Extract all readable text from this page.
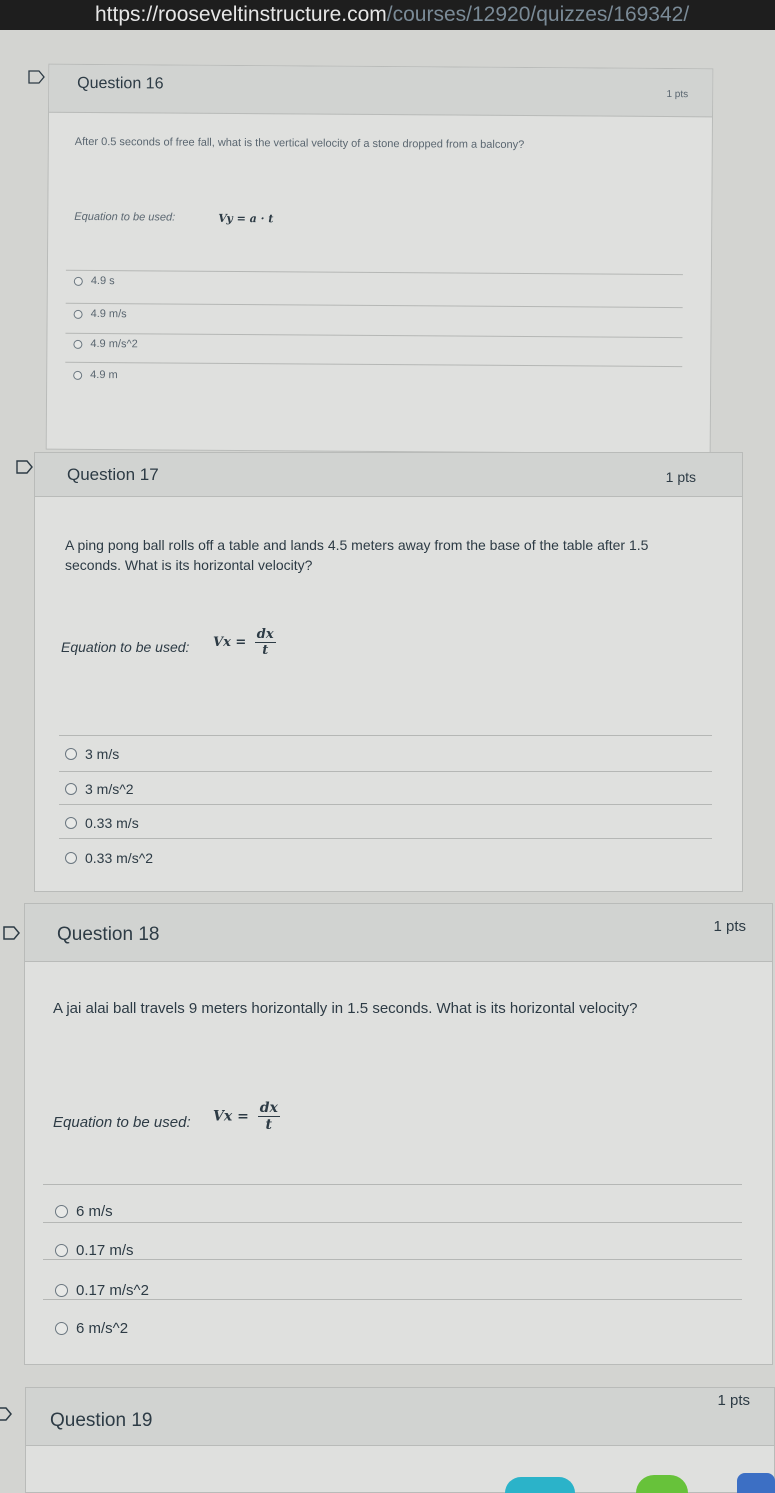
https://rooseveltinstructure.com/courses/12920/quizzes/169342/
Question 16
1 pts
After 0.5 seconds of free fall, what is the vertical velocity of a stone dropped from a balcony?
Equation to be used:	Vy = a · t
4.9 s
4.9 m/s
4.9 m/s^2
4.9 m
Question 17	1 pts
A ping pong ball rolls off a table and lands 4.5 meters away from the base of the table after 1.5 seconds. What is its horizontal velocity?
Equation to be used: $Vx = \frac{dx}{t}$
3 m/s
3 m/s^2
0.33 m/s
0.33 m/s^2
Question 18	1 pts
A jai alai ball travels 9 meters horizontally in 1.5 seconds. What is its horizontal velocity?
Equation to be used: $Vx = \frac{dx}{t}$
6 m/s
0.17 m/s
0.17 m/s^2
6 m/s^2
Question 19
1 pts
